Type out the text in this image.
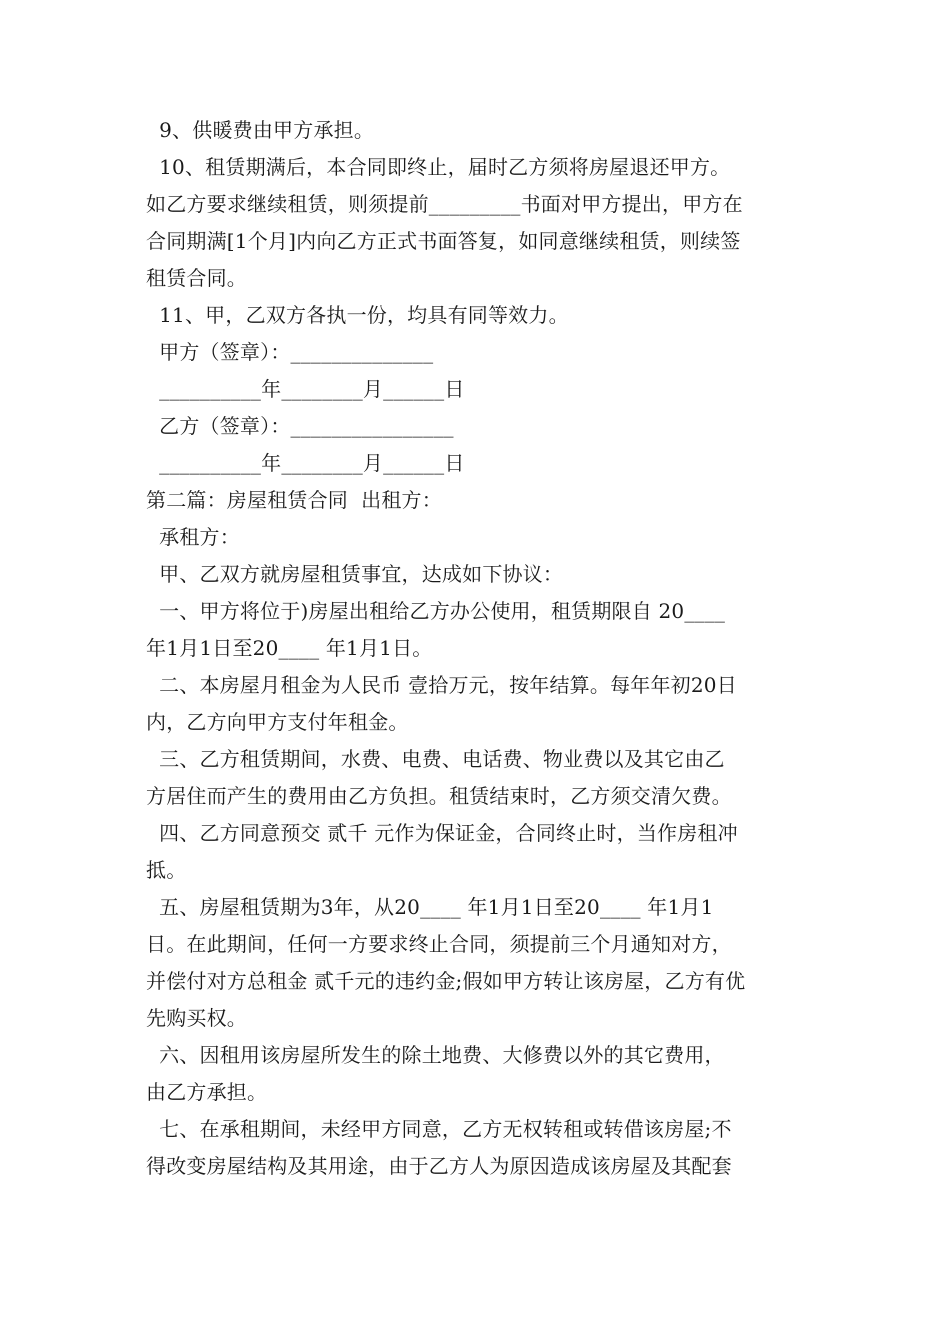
9、供暖费由甲方承担。
10、租赁期满后，本合同即终止，届时乙方须将房屋退还甲方。
如乙方要求继续租赁，则须提前_________书面对甲方提出，甲方在
合同期满[1个月]内向乙方正式书面答复，如同意继续租赁，则续签
租赁合同。
11、甲，乙双方各执一份，均具有同等效力。
甲方（签章）：______________
__________年________月______日
乙方（签章）：________________
__________年________月______日
第二篇：房屋租赁合同  出租方：
承租方：
甲、乙双方就房屋租赁事宜，达成如下协议：
一、甲方将位于)房屋出租给乙方办公使用，租赁期限自 20____
年1月1日至20____ 年1月1日。
二、本房屋月租金为人民币 壹拾万元，按年结算。每年年初20日
内，乙方向甲方支付年租金。
三、乙方租赁期间，水费、电费、电话费、物业费以及其它由乙
方居住而产生的费用由乙方负担。租赁结束时，乙方须交清欠费。
四、乙方同意预交 贰千 元作为保证金，合同终止时，当作房租冲
抵。
五、房屋租赁期为3年，从20____ 年1月1日至20____ 年1月1
日。在此期间，任何一方要求终止合同，须提前三个月通知对方，
并偿付对方总租金 贰千元的违约金;假如甲方转让该房屋，乙方有优
先购买权。
六、因租用该房屋所发生的除土地费、大修费以外的其它费用，
由乙方承担。
七、在承租期间，未经甲方同意，乙方无权转租或转借该房屋;不
得改变房屋结构及其用途，由于乙方人为原因造成该房屋及其配套
